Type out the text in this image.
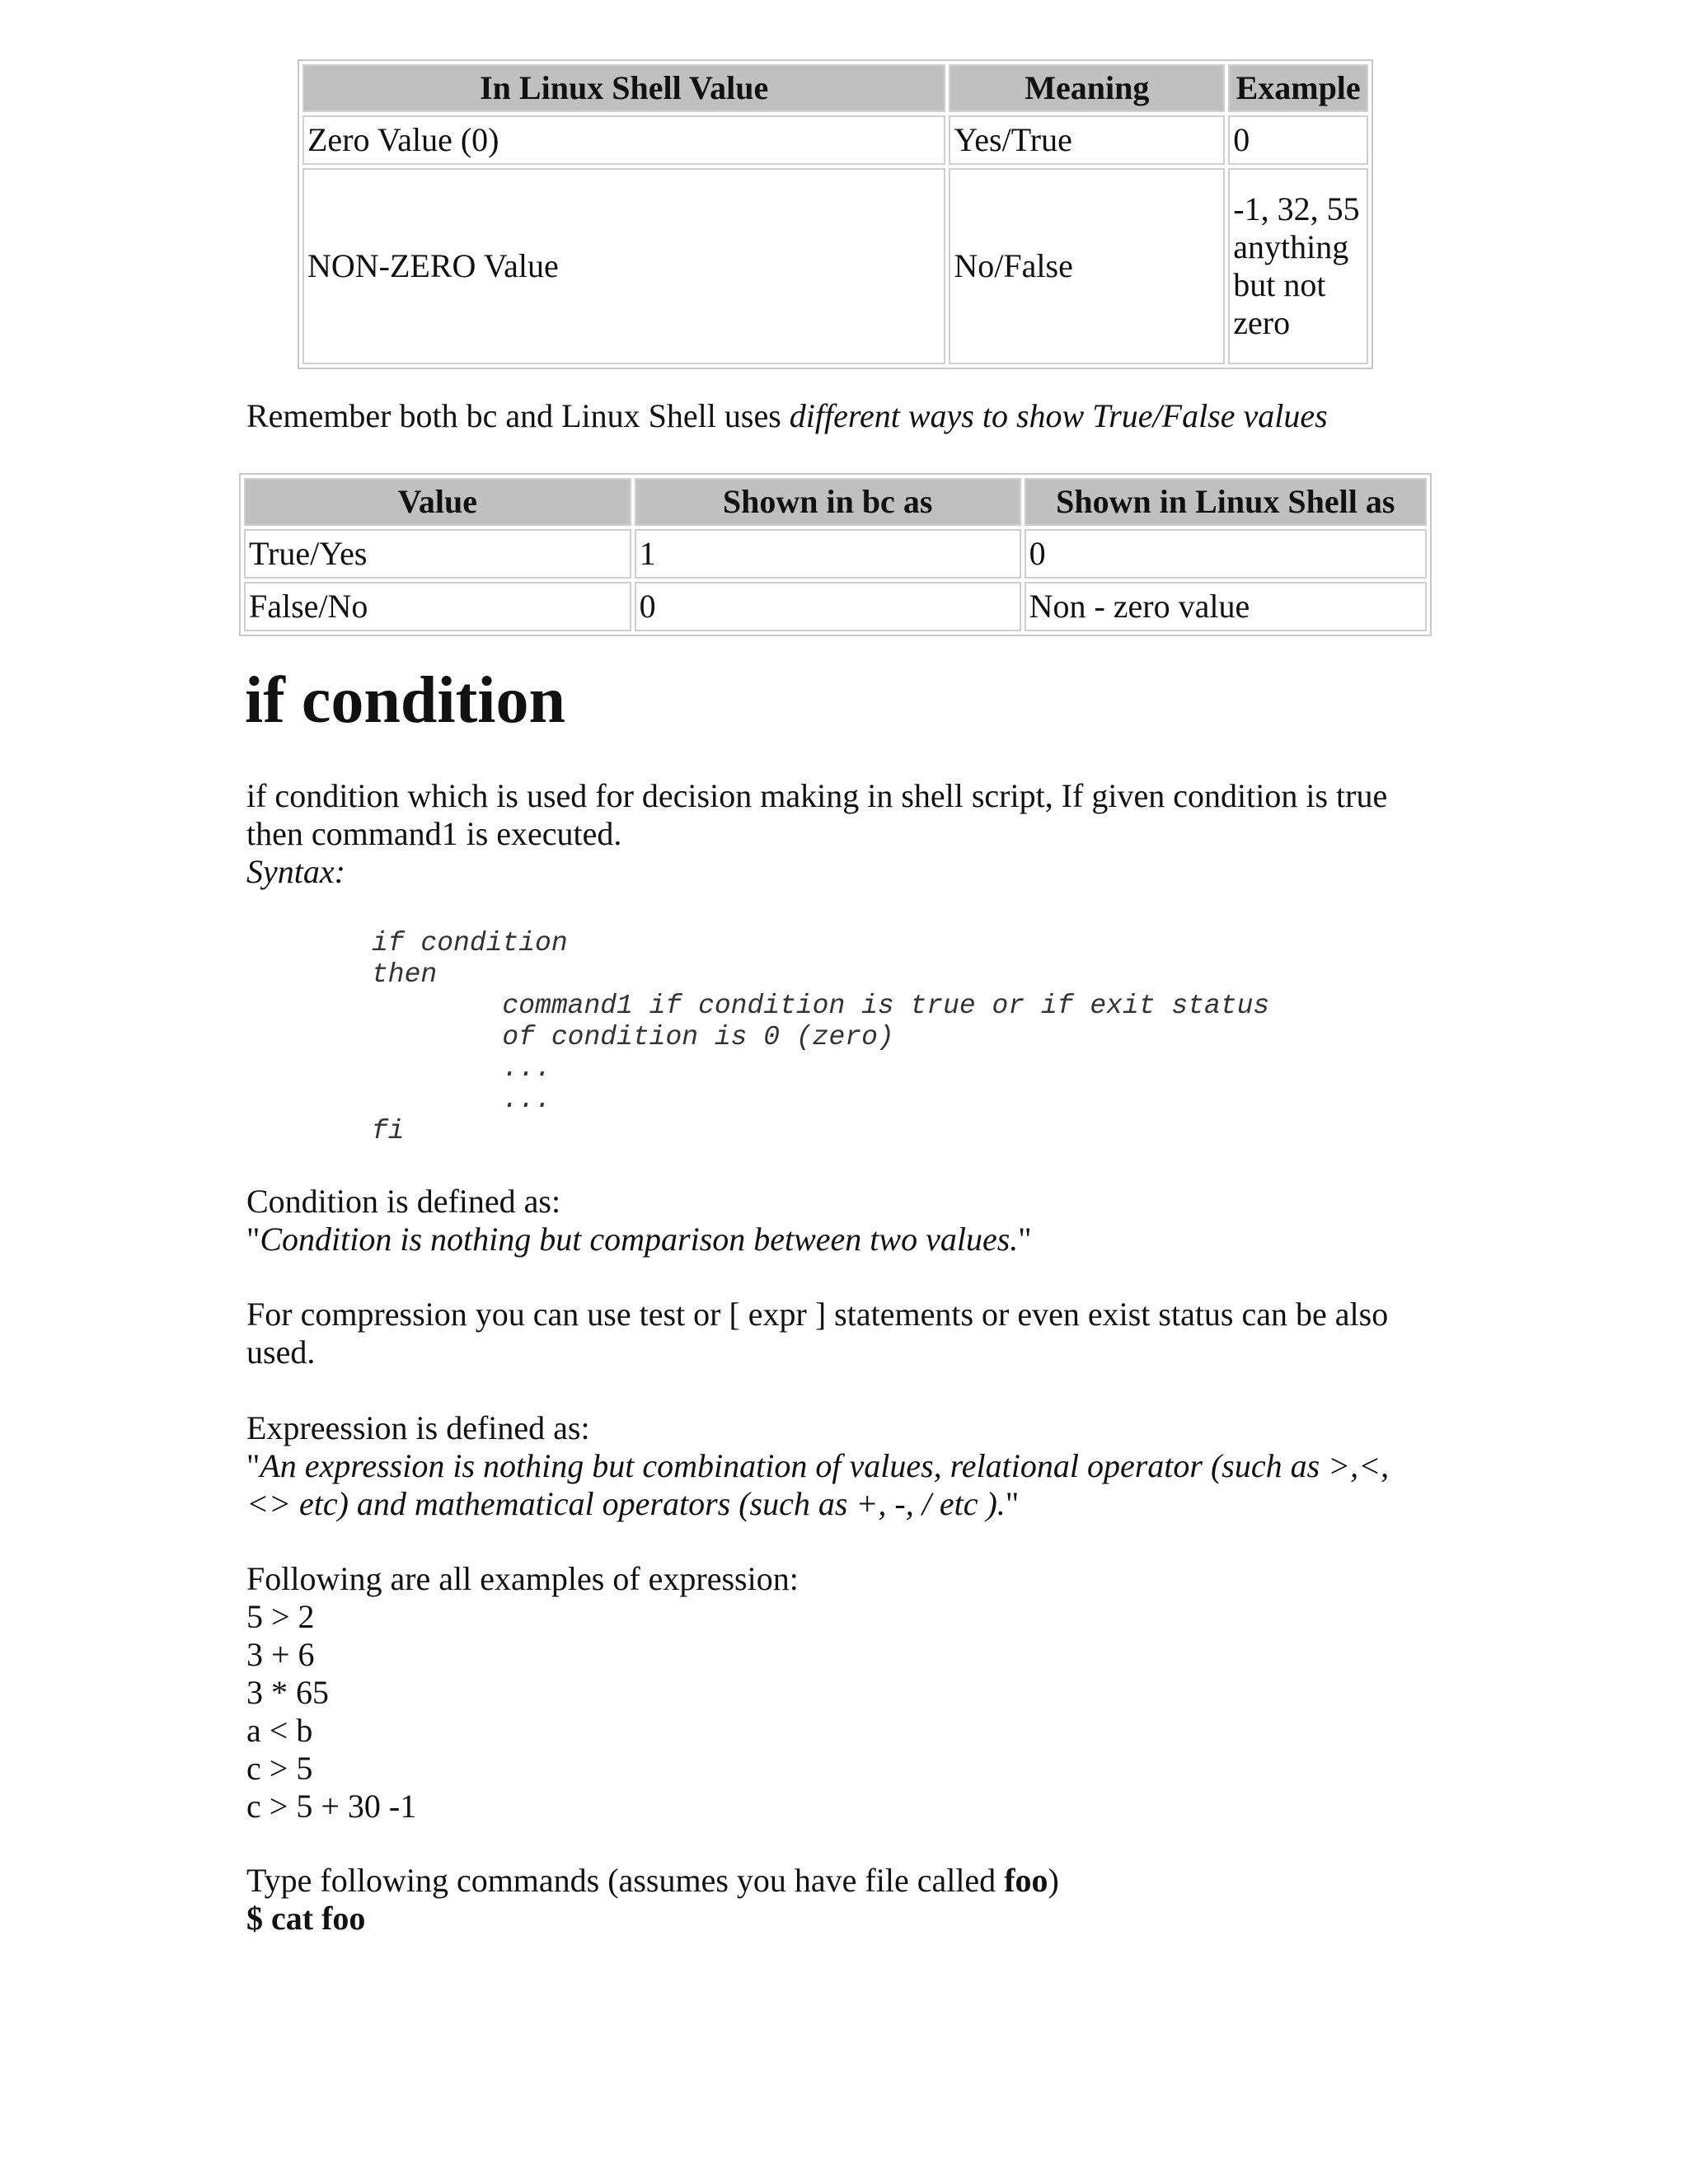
In Linux Shell Value	Meaning	Example
Zero Value (0)	Yes/True	0
NON-ZERO Value	No/False	-1, 32, 55 anything but not zero

Remember both bc and Linux Shell uses different ways to show True/False values

Value	Shown in bc as	Shown in Linux Shell as
True/Yes	1	0
False/No	0	Non - zero value
if condition

if condition which is used for decision making in shell script, If given condition is true then command1 is executed.
Syntax:

if condition
then
command1 if condition is true or if exit status
of condition is 0 (zero)
...
...
fi

Condition is defined as:
"Condition is nothing but comparison between two values."

For compression you can use test or [ expr ] statements or even exist status can be also used.

Expreession is defined as:
"An expression is nothing but combination of values, relational operator (such as >,<, <> etc) and mathematical operators (such as +, -, / etc )."

Following are all examples of expression:
5 > 2
3 + 6
3 * 65
a < b
c > 5
c > 5 + 30 -1

Type following commands (assumes you have file called foo)
$ cat foo
